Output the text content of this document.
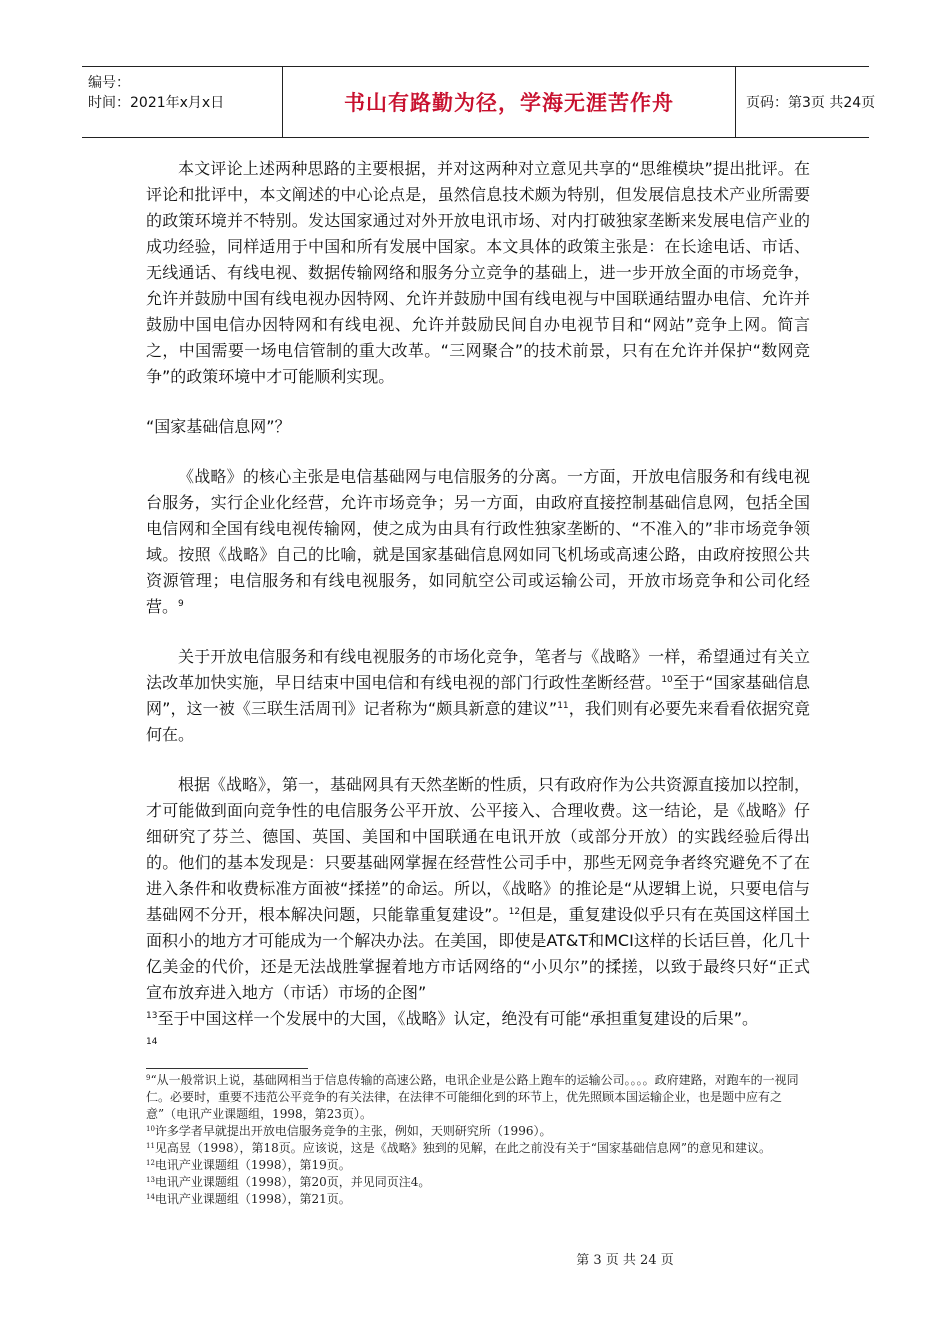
编号：
时间：2021年x月x日	书山有路勤为径，学海无涯苦作舟	页码：第3页 共24页

本文评论上述两种思路的主要根据，并对这两种对立意见共享的“思维模块”提出批评。在评论和批评中，本文阐述的中心论点是，虽然信息技术颇为特别，但发展信息技术产业所需要的政策环境并不特别。发达国家通过对外开放电讯市场、对内打破独家垄断来发展电信产业的成功经验，同样适用于中国和所有发展中国家。本文具体的政策主张是：在长途电话、市话、无线通话、有线电视、数据传输网络和服务分立竞争的基础上，进一步开放全面的市场竞争，允许并鼓励中国有线电视办因特网、允许并鼓励中国有线电视与中国联通结盟办电信、允许并鼓励中国电信办因特网和有线电视、允许并鼓励民间自办电视节目和“网站”竞争上网。简言之，中国需要一场电信管制的重大改革。“三网聚合”的技术前景，只有在允许并保护“数网竞争”的政策环境中才可能顺利实现。

“国家基础信息网”？

《战略》的核心主张是电信基础网与电信服务的分离。一方面，开放电信服务和有线电视台服务，实行企业化经营，允许市场竞争；另一方面，由政府直接控制基础信息网，包括全国电信网和全国有线电视传输网，使之成为由具有行政性独家垄断的、“不准入的”非市场竞争领域。按照《战略》自己的比喻，就是国家基础信息网如同飞机场或高速公路，由政府按照公共资源管理；电信服务和有线电视服务，如同航空公司或运输公司，开放市场竞争和公司化经营。$^9$

关于开放电信服务和有线电视服务的市场化竞争，笔者与《战略》一样，希望通过有关立法改革加快实施，早日结束中国电信和有线电视的部门行政性垄断经营。$^{10}$至于“国家基础信息网”，这一被《三联生活周刊》记者称为“颇具新意的建议”$^{11}$，我们则有必要先来看看依据究竟何在。

根据《战略》，第一，基础网具有天然垄断的性质，只有政府作为公共资源直接加以控制，才可能做到面向竞争性的电信服务公平开放、公平接入、合理收费。这一结论，是《战略》仔细研究了芬兰、德国、英国、美国和中国联通在电讯开放（或部分开放）的实践经验后得出的。他们的基本发现是：只要基础网掌握在经营性公司手中，那些无网竞争者终究避免不了在进入条件和收费标准方面被“揉搓”的命运。所以，《战略》的推论是“从逻辑上说，只要电信与基础网不分开，根本解决问题，只能靠重复建设”。$^{12}$但是，重复建设似乎只有在英国这样国土面积小的地方才可能成为一个解决办法。在美国，即使是AT&T和MCI这样的长话巨兽，化几十亿美金的代价，还是无法战胜掌握着地方市话网络的“小贝尔”的揉搓，以致于最终只好“正式宣布放弃进入地方（市话）市场的企图”
$^{13}$至于中国这样一个发展中的大国，《战略》认定，绝没有可能“承担重复建设的后果”。
$^{14}$

$^9$“从一般常识上说，基础网相当于信息传输的高速公路，电讯企业是公路上跑车的运输公司。。。。政府建路，对跑车的一视同仁。必要时，重要不违范公平竞争的有关法律，在法律不可能细化到的环节上，优先照顾本国运输企业，也是题中应有之意”（电讯产业课题组，1998，第23页）。
$^{10}$许多学者早就提出开放电信服务竞争的主张，例如，天则研究所（1996）。
$^{11}$见高昱（1998），第18页。应该说，这是《战略》独到的见解，在此之前没有关于“国家基础信息网”的意见和建议。
$^{12}$电讯产业课题组（1998），第19页。
$^{13}$电讯产业课题组（1998），第20页，并见同页注4。
$^{14}$电讯产业课题组（1998），第21页。
第 3 页 共 24 页
